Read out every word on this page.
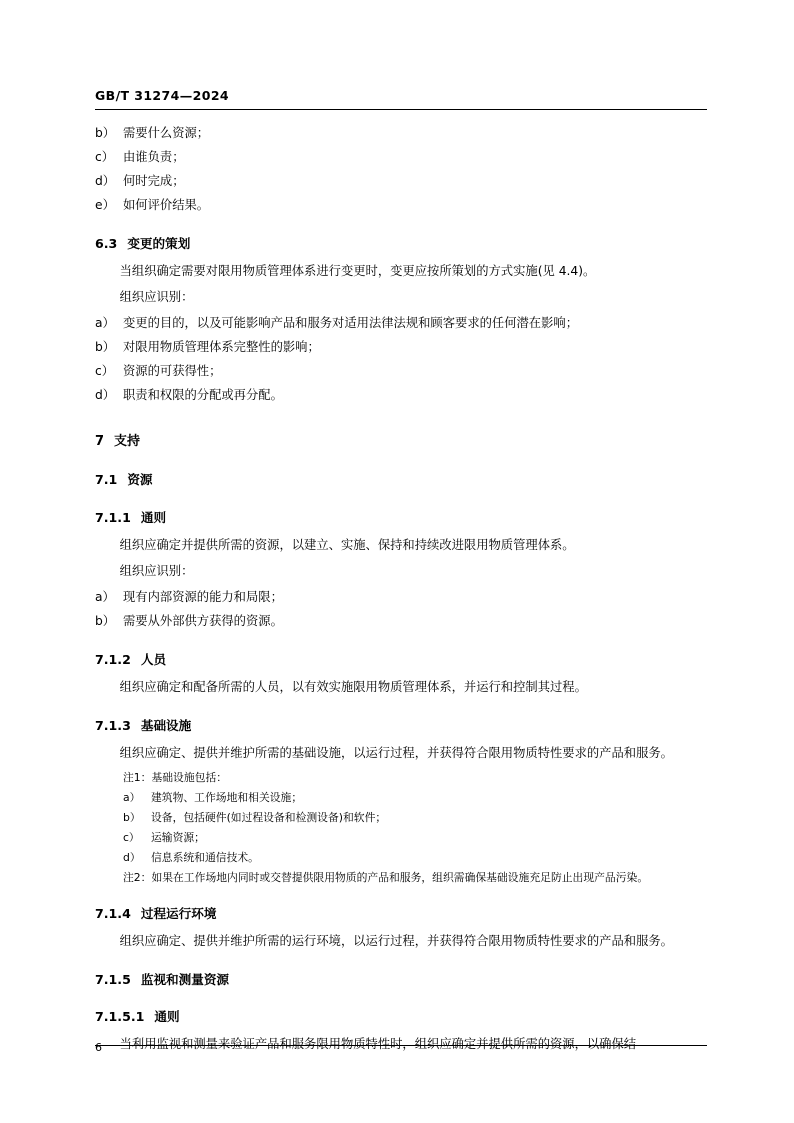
GB/T 31274—2024

b） 需要什么资源；

c） 由谁负责；

d） 何时完成；

e） 如何评价结果。

6.3 变更的策划

当组织确定需要对限用物质管理体系进行变更时，变更应按所策划的方式实施(见 4.4)。

组织应识别：

a） 变更的目的，以及可能影响产品和服务对适用法律法规和顾客要求的任何潜在影响；

b） 对限用物质管理体系完整性的影响；

c） 资源的可获得性；

d） 职责和权限的分配或再分配。

7 支持
7.1 资源
7.1.1 通则

组织应确定并提供所需的资源，以建立、实施、保持和持续改进限用物质管理体系。

组织应识别：

a） 现有内部资源的能力和局限；

b） 需要从外部供方获得的资源。

7.1.2 人员

组织应确定和配备所需的人员，以有效实施限用物质管理体系，并运行和控制其过程。

7.1.3 基础设施

组织应确定、提供并维护所需的基础设施，以运行过程，并获得符合限用物质特性要求的产品和服务。

注1：基础设施包括：

a） 建筑物、工作场地和相关设施；

b） 设备，包括硬件(如过程设备和检测设备)和软件；

c）	运输资源；

d） 信息系统和通信技术。

注2：如果在工作场地内同时或交替提供限用物质的产品和服务，组织需确保基础设施充足防止出现产品污染。

7.1.4 过程运行环境

组织应确定、提供并维护所需的运行环境，以运行过程，并获得符合限用物质特性要求的产品和服务。

7.1.5 监视和测量资源
7.1.5.1 通则

当利用监视和测量来验证产品和服务限用物质特性时，组织应确定并提供所需的资源，以确保结

6
